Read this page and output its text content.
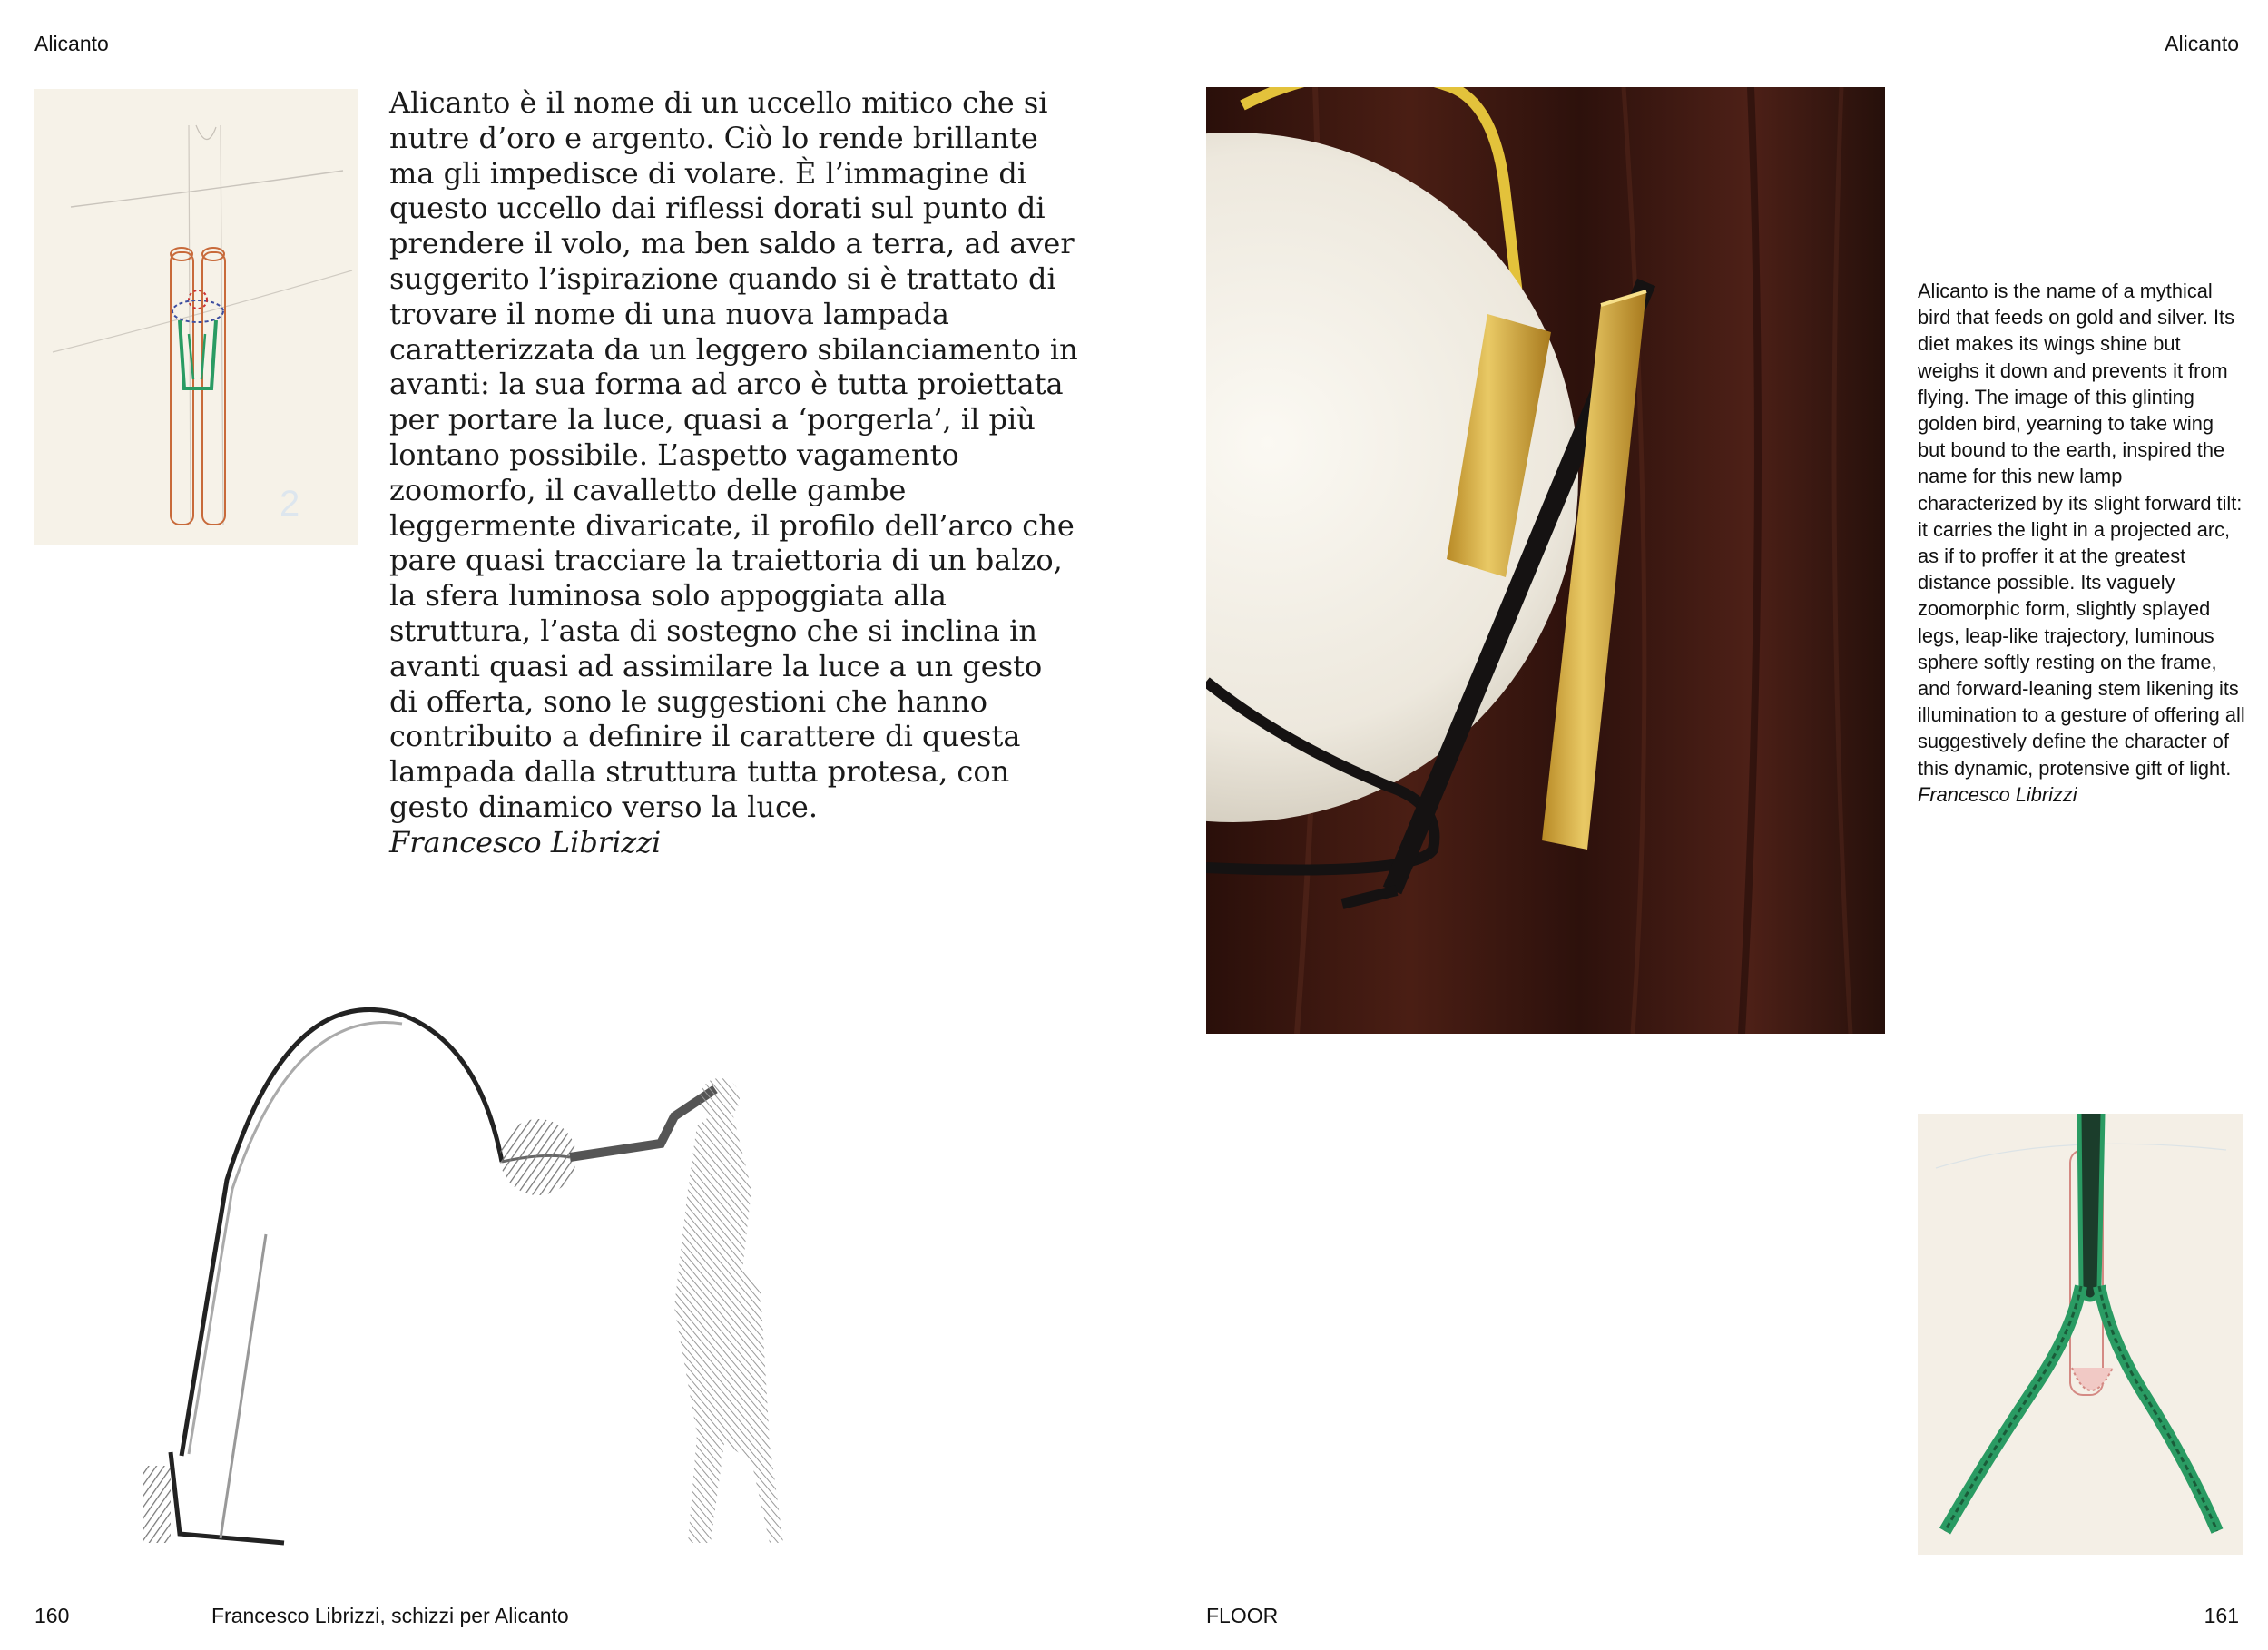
Alicanto	Alicanto
2

Alicanto è il nome di un uccello mitico che si nutre d’oro e argento. Ciò lo rende brillante ma gli impedisce di volare. È l’immagine di questo uccello dai riflessi dorati sul punto di prendere il volo, ma ben saldo a terra, ad aver suggerito l’ispirazione quando si è trattato di trovare il nome di una nuova lampada caratterizzata da un leggero sbilanciamento in avanti: la sua forma ad arco è tutta proiettata per portare la luce, quasi a ‘porgerla’, il più lontano possibile. L’aspetto vagamento zoomorfo, il cavalletto delle gambe leggermente divaricate, il profilo dell’arco che pare quasi tracciare la traiettoria di un balzo, la sfera luminosa solo appoggiata alla struttura, l’asta di sostegno che si inclina in avanti quasi ad assimilare la luce a un gesto di offerta, sono le suggestioni che hanno contribuito a definire il carattere di questa lampada dalla struttura tutta protesa, con gesto dinamico verso la luce.

Francesco Librizzi

Alicanto is the name of a mythical bird that feeds on gold and silver. Its diet makes its wings shine but weighs it down and prevents it from flying. The image of this glinting golden bird, yearning to take wing but bound to the earth, inspired the name for this new lamp characterized by its slight forward tilt: it carries the light in a projected arc, as if to proffer it at the greatest distance possible. Its vaguely zoomorphic form, slightly splayed legs, leap-like trajectory, luminous sphere softly resting on the frame, and forward-leaning stem likening its illumination to a gesture of offering all suggestively define the character of this dynamic, protensive gift of light.

Francesco Librizzi

160	Francesco Librizzi, schizzi per Alicanto	FLOOR	161
